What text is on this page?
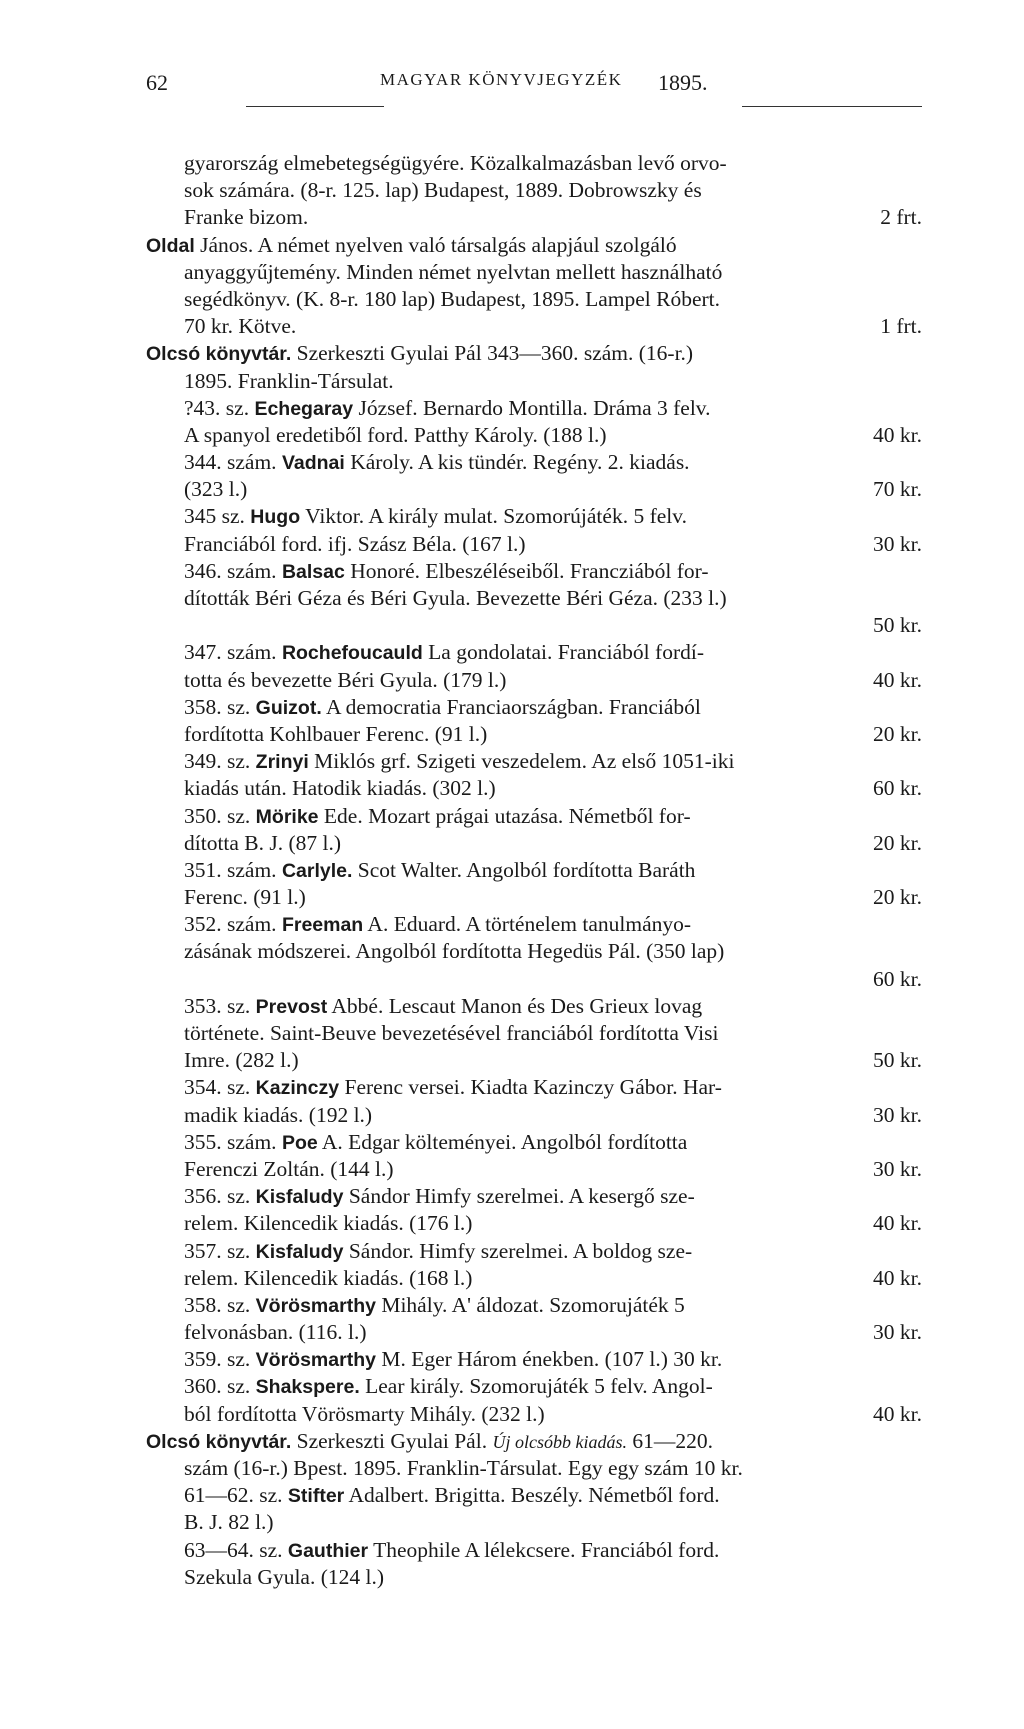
62	MAGYAR KÖNYVJEGYZÉK 1895.
gyarország elmebetegségügyére. Közalkalmazásban levő orvo-
sok számára. (8-r. 125. lap) Budapest, 1889. Dobrowszky és
Franke bizom.	2 frt.
Oldal János. A német nyelven való társalgás alapjául szolgáló
anyaggyűjtemény. Minden német nyelvtan mellett használható
segédkönyv. (K. 8-r. 180 lap) Budapest, 1895. Lampel Róbert.
70 kr. Kötve.	1 frt.
Olcsó könyvtár. Szerkeszti Gyulai Pál 343—360. szám. (16-r.)
1895. Franklin-Társulat.
?43. sz. Echegaray József. Bernardo Montilla. Dráma 3 felv.
A spanyol eredetiből ford. Patthy Károly. (188 l.)	40 kr.
344. szám. Vadnai Károly. A kis tündér. Regény. 2. kiadás.
(323 l.)	70 kr.
345 sz. Hugo Viktor. A király mulat. Szomorújáték. 5 felv.
Franciából ford. ifj. Szász Béla. (167 l.)	30 kr.
346. szám. Balsac Honoré. Elbeszéléseiből. Francziából for-
dították Béri Géza és Béri Gyula. Bevezette Béri Géza. (233 l.)
50 kr.
347. szám. Rochefoucauld La gondolatai. Franciából fordí-
totta és bevezette Béri Gyula. (179 l.)	40 kr.
358. sz. Guizot. A democratia Franciaországban. Franciából
fordította Kohlbauer Ferenc. (91 l.)	20 kr.
349. sz. Zrinyi Miklós grf. Szigeti veszedelem. Az első 1051-iki
kiadás után. Hatodik kiadás. (302 l.)	60 kr.
350. sz. Mörike Ede. Mozart prágai utazása. Németből for-
dította B. J. (87 l.)	20 kr.
351. szám. Carlyle. Scot Walter. Angolból fordította Baráth
Ferenc. (91 l.)	20 kr.
352. szám. Freeman A. Eduard. A történelem tanulmányo-
zásának módszerei. Angolból fordította Hegedüs Pál. (350 lap)
60 kr.
353. sz. Prevost Abbé. Lescaut Manon és Des Grieux lovag
története. Saint-Beuve bevezetésével franciából fordította Visi
Imre. (282 l.)	50 kr.
354. sz. Kazinczy Ferenc versei. Kiadta Kazinczy Gábor. Har-
madik kiadás. (192 l.)	30 kr.
355. szám. Poe A. Edgar költeményei. Angolból fordította
Ferenczi Zoltán. (144 l.)	30 kr.
356. sz. Kisfaludy Sándor Himfy szerelmei. A kesergő sze-
relem. Kilencedik kiadás. (176 l.)	40 kr.
357. sz. Kisfaludy Sándor. Himfy szerelmei. A boldog sze-
relem. Kilencedik kiadás. (168 l.)	40 kr.
358. sz. Vörösmarthy Mihály. A' áldozat. Szomorujáték 5
felvonásban. (116. l.)	30 kr.
359. sz. Vörösmarthy M. Eger Három énekben. (107 l.) 30 kr.
360. sz. Shakspere. Lear király. Szomorujáték 5 felv. Angol-
ból fordította Vörösmarty Mihály. (232 l.)	40 kr.
Olcsó könyvtár. Szerkeszti Gyulai Pál. Új olcsóbb kiadás. 61—220.
szám (16-r.) Bpest. 1895. Franklin-Társulat. Egy egy szám 10 kr.
61—62. sz. Stifter Adalbert. Brigitta. Beszély. Németből ford.
B. J. 82 l.)
63—64. sz. Gauthier Theophile A lélekcsere. Franciából ford.
Szekula Gyula. (124 l.)
